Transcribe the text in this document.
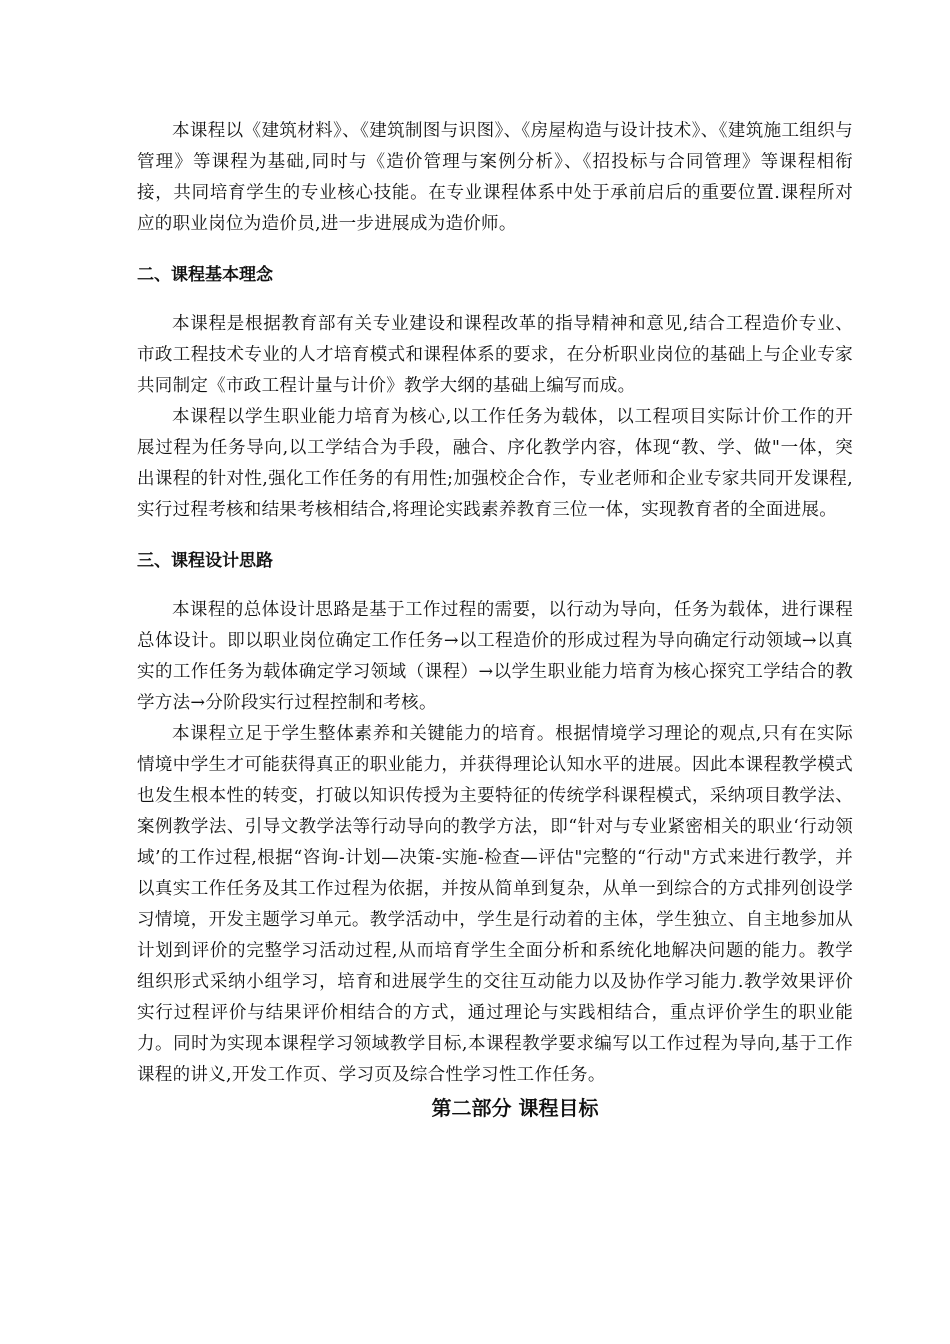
本课程以《建筑材料》、《建筑制图与识图》、《房屋构造与设计技术》、《建筑施工组织与管理》等课程为基础,同时与《造价管理与案例分析》、《招投标与合同管理》等课程相衔接，共同培育学生的专业核心技能。在专业课程体系中处于承前启后的重要位置.课程所对应的职业岗位为造价员,进一步进展成为造价师。

二、课程基本理念

本课程是根据教育部有关专业建设和课程改革的指导精神和意见,结合工程造价专业、市政工程技术专业的人才培育模式和课程体系的要求，在分析职业岗位的基础上与企业专家共同制定《市政工程计量与计价》教学大纲的基础上编写而成。

本课程以学生职业能力培育为核心,以工作任务为载体，以工程项目实际计价工作的开展过程为任务导向,以工学结合为手段，融合、序化教学内容，体现“教、学、做"一体，突出课程的针对性,强化工作任务的有用性;加强校企合作，专业老师和企业专家共同开发课程,实行过程考核和结果考核相结合,将理论实践素养教育三位一体，实现教育者的全面进展。

三、课程设计思路

本课程的总体设计思路是基于工作过程的需要，以行动为导向，任务为载体，进行课程总体设计。即以职业岗位确定工作任务→以工程造价的形成过程为导向确定行动领域→以真实的工作任务为载体确定学习领域（课程）→以学生职业能力培育为核心探究工学结合的教学方法→分阶段实行过程控制和考核。

本课程立足于学生整体素养和关键能力的培育。根据情境学习理论的观点,只有在实际情境中学生才可能获得真正的职业能力，并获得理论认知水平的进展。因此本课程教学模式也发生根本性的转变，打破以知识传授为主要特征的传统学科课程模式，采纳项目教学法、案例教学法、引导文教学法等行动导向的教学方法，即“针对与专业紧密相关的职业‘行动领域’的工作过程,根据“咨询-计划—决策-实施-检查—评估"完整的“行动"方式来进行教学，并以真实工作任务及其工作过程为依据，并按从简单到复杂，从单一到综合的方式排列创设学习情境，开发主题学习单元。教学活动中，学生是行动着的主体，学生独立、自主地参加从计划到评价的完整学习活动过程,从而培育学生全面分析和系统化地解决问题的能力。教学组织形式采纳小组学习，培育和进展学生的交往互动能力以及协作学习能力.教学效果评价实行过程评价与结果评价相结合的方式，通过理论与实践相结合，重点评价学生的职业能力。同时为实现本课程学习领域教学目标,本课程教学要求编写以工作过程为导向,基于工作课程的讲义,开发工作页、学习页及综合性学习性工作任务。

第二部分 课程目标
